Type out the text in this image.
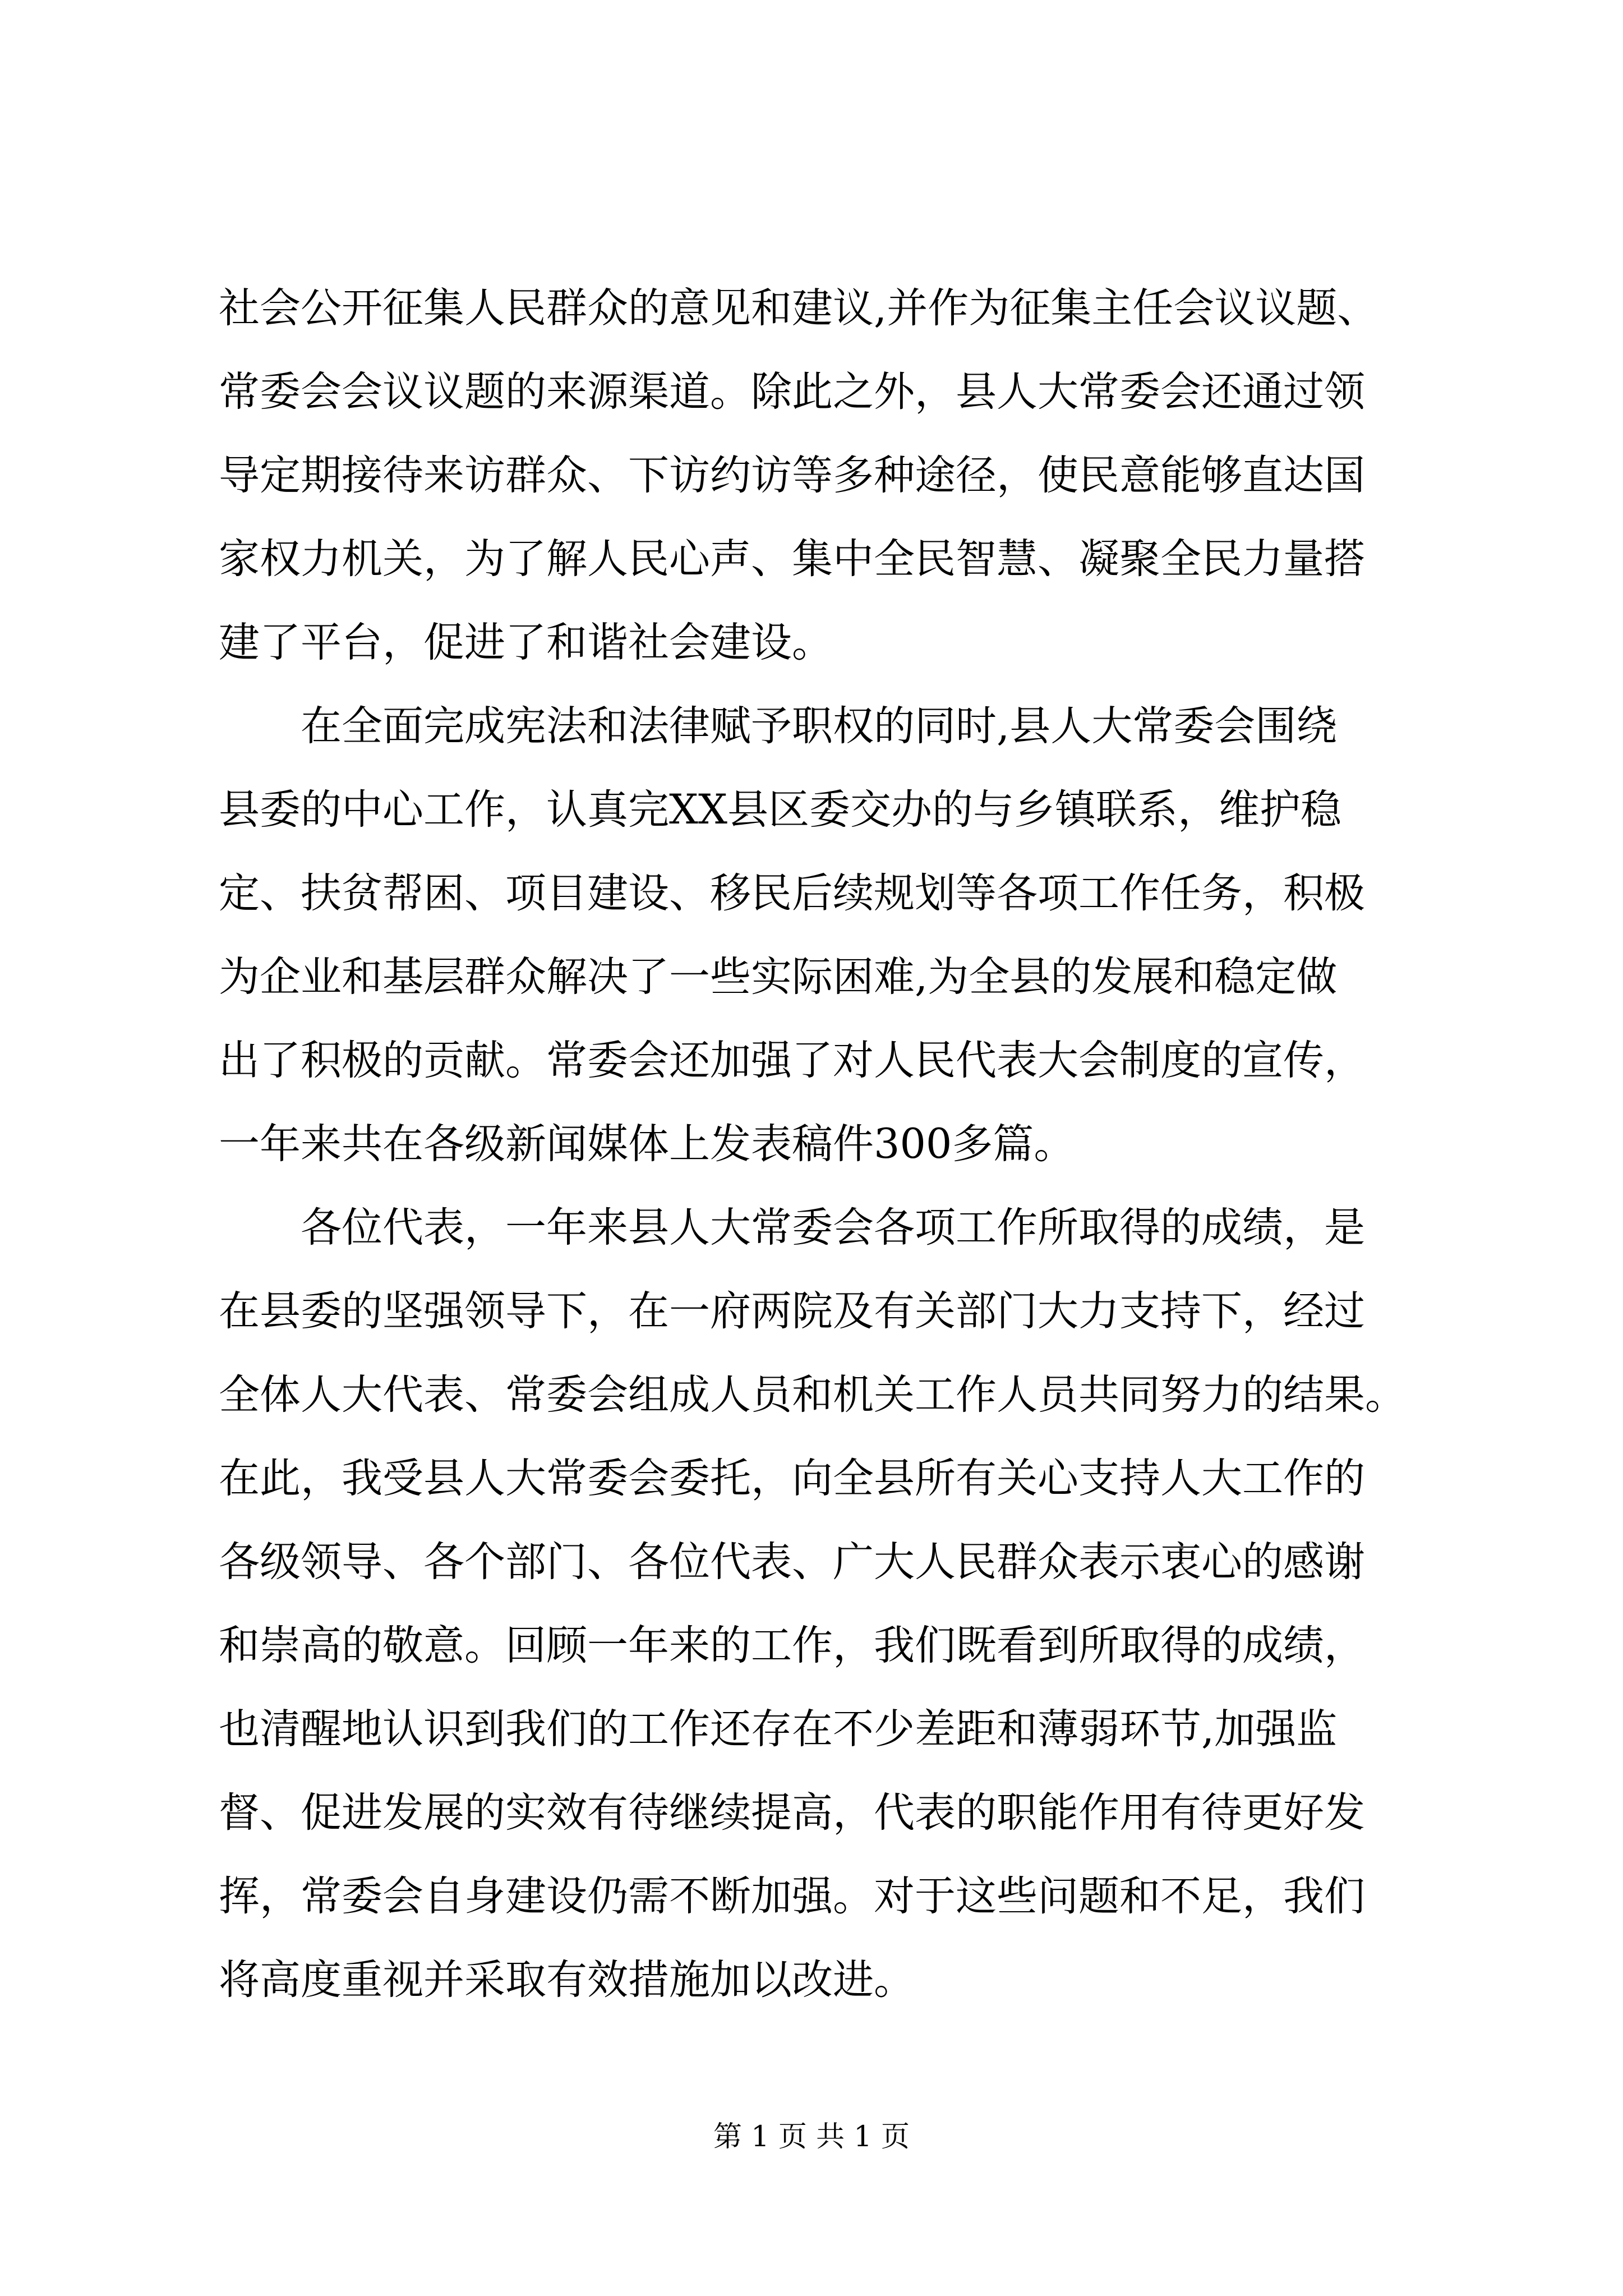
社会公开征集人民群众的意见和建议,并作为征集主任会议议题、
常委会会议议题的来源渠道。除此之外，县人大常委会还通过领
导定期接待来访群众、下访约访等多种途径，使民意能够直达国
家权力机关，为了解人民心声、集中全民智慧、凝聚全民力量搭
建了平台，促进了和谐社会建设。
　　在全面完成宪法和法律赋予职权的同时,县人大常委会围绕
县委的中心工作，认真完XX县区委交办的与乡镇联系，维护稳
定、扶贫帮困、项目建设、移民后续规划等各项工作任务，积极
为企业和基层群众解决了一些实际困难,为全县的发展和稳定做
出了积极的贡献。常委会还加强了对人民代表大会制度的宣传，
一年来共在各级新闻媒体上发表稿件300多篇。
　　各位代表，一年来县人大常委会各项工作所取得的成绩，是
在县委的坚强领导下，在一府两院及有关部门大力支持下，经过
全体人大代表、常委会组成人员和机关工作人员共同努力的结果。
在此，我受县人大常委会委托，向全县所有关心支持人大工作的
各级领导、各个部门、各位代表、广大人民群众表示衷心的感谢
和崇高的敬意。回顾一年来的工作，我们既看到所取得的成绩，
也清醒地认识到我们的工作还存在不少差距和薄弱环节,加强监
督、促进发展的实效有待继续提高，代表的职能作用有待更好发
挥，常委会自身建设仍需不断加强。对于这些问题和不足，我们
将高度重视并采取有效措施加以改进。
第 1 页 共 1 页
